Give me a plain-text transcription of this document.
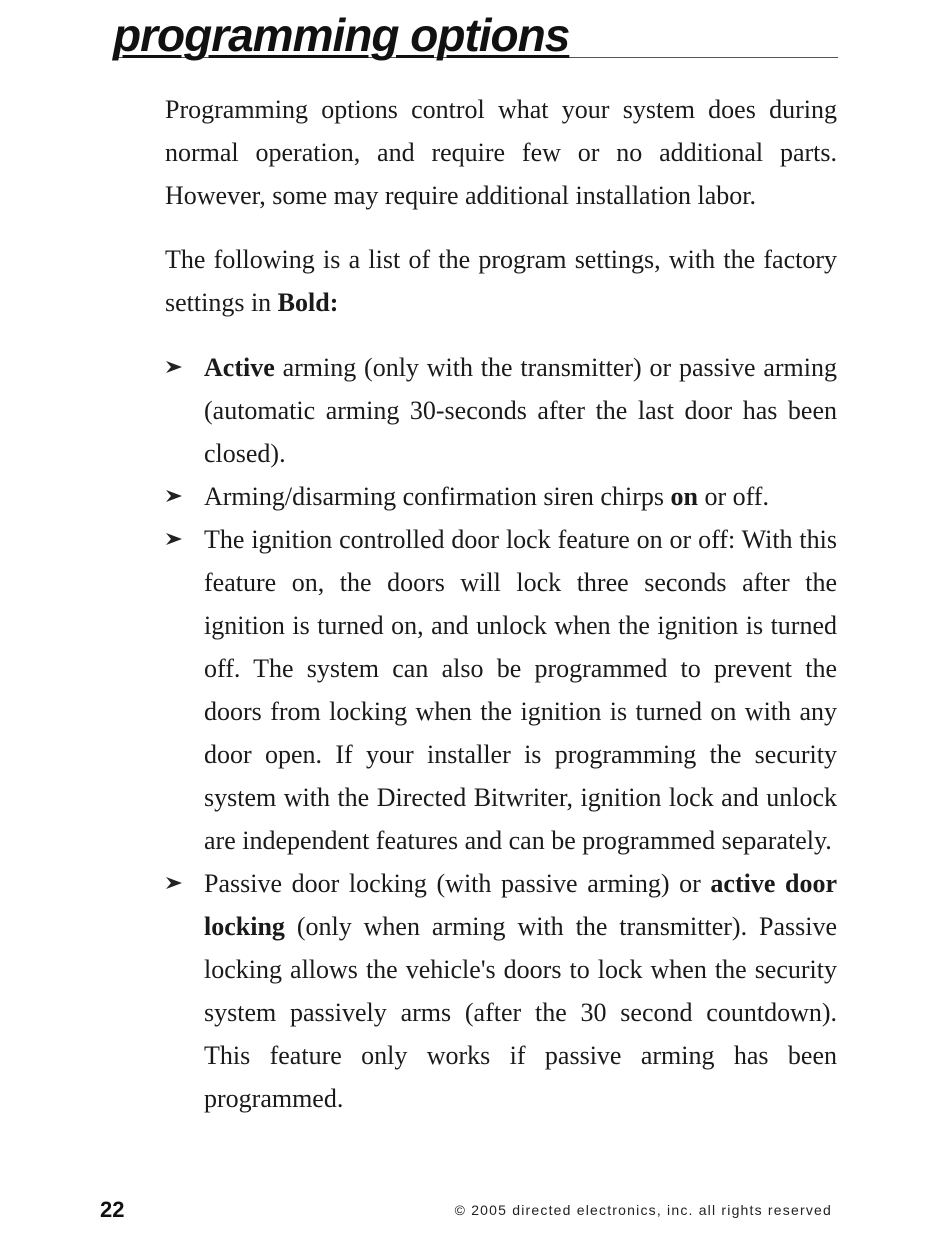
programming options

Programming options control what your system does during normal operation, and require few or no additional parts. However, some may require additional installation labor.

The following is a list of the program settings, with the factory settings in Bold:

Active arming (only with the transmitter) or passive arming (automatic arming 30-seconds after the last door has been closed).
Arming/disarming confirmation siren chirps on or off.
The ignition controlled door lock feature on or off: With this feature on, the doors will lock three seconds after the ignition is turned on, and unlock when the ignition is turned off. The system can also be programmed to prevent the doors from locking when the ignition is turned on with any door open. If your installer is programming the security system with the Directed Bitwriter, ignition lock and unlock are independent features and can be programmed separately.
Passive door locking (with passive arming) or active door locking (only when arming with the transmitter). Passive locking allows the vehicle's doors to lock when the security system passively arms (after the 30 second countdown). This feature only works if passive arming has been programmed.
22	© 2005 directed electronics, inc. all rights reserved
